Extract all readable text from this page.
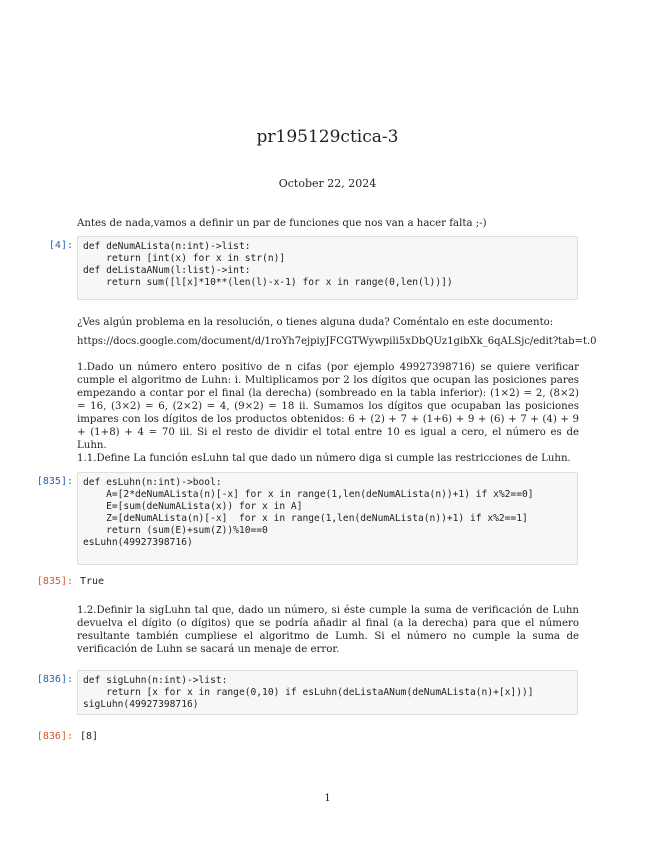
pr195129ctica-3
October 22, 2024
Antes de nada,vamos a definir un par de funciones que nos van a hacer falta ;-)
[4]: def deNumALista(n:int)->list:
return [int(x) for x in str(n)]
def deListaANum(l:list)->int:
return sum([l[x]*10**(len(l)-x-1) for x in range(0,len(l))])
¿Ves algún problema en la resolución, o tienes alguna duda? Coméntalo en este documento:
https://docs.google.com/document/d/1roYh7ejpiyJFCGTWywpili5xDbQUz1gibXk_6qALSjc/edit?tab=t.0
1.Dado un número entero positivo de n cifas (por ejemplo 4992739871​6) se quiere verificar cumple el algoritmo de Luhn: i. Multiplicamos por 2 los dígitos que ocupan las posiciones pares empezando a contar por el final (la derecha) (sombreado en la tabla inferior): (1×2) = 2, (8×2) = 16, (3×2) = 6, (2×2) = 4, (9×2) = 18 ii. Sumamos los dígitos que ocupaban las posiciones impares con los dígitos de los productos obtenidos: 6 + (2) + 7 + (1+6) + 9 + (6) + 7 + (4) + 9 + (1+8) + 4 = 70 iii. Si el resto de dividir el total entre 10 es igual a cero, el número es de Luhn.
1.1.Define La función esLuhn tal que dado un número diga si cumple las restricciones de Luhn.
[835]: def esLuhn(n:int)->bool:
A=[2*deNumALista(n)[-x] for x in range(1,len(deNumALista(n))+1) if x%2==0]
E=[sum(deNumALista(x)) for x in A]
Z=[deNumALista(n)[-x]  for x in range(1,len(deNumALista(n))+1) if x%2==1]
return (sum(E)+sum(Z))%10==0
esLuhn(49927398716)
[835]: True
1.2.Definir la sigLuhn tal que, dado un número, si éste cumple la suma de verificación de Luhn devuelva el dígito (o dígitos) que se podría añadir al final (a la derecha) para que el número resultante también cumpliese el algoritmo de Lumh. Si el número no cumple la suma de verificación de Luhn se sacará un menaje de error.
[836]: def sigLuhn(n:int)->list:
return [x for x in range(0,10) if esLuhn(deListaANum(deNumALista(n)+[x]))]
sigLuhn(49927398716)
[836]: [8]
1
